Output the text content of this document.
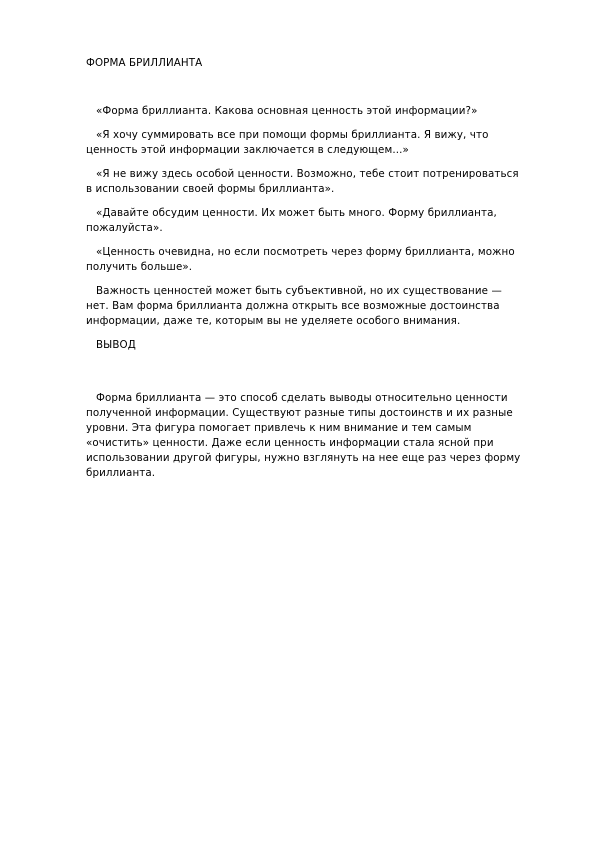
ФОРМА БРИЛЛИАНТА

«Форма бриллианта. Какова основная ценность этой информации?»

«Я хочу суммировать все при помощи формы бриллианта. Я вижу, что ценность этой информации заключается в следующем...»

«Я не вижу здесь особой ценности. Возможно, тебе стоит потренироваться в использовании своей формы бриллианта».

«Давайте обсудим ценности. Их может быть много. Форму бриллианта, пожалуйста».

«Ценность очевидна, но если посмотреть через форму бриллианта, можно получить больше».

Важность ценностей может быть субъективной, но их существование — нет. Вам форма бриллианта должна открыть все возможные достоинства информации, даже те, которым вы не уделяете особого внимания.

ВЫВОД

Форма бриллианта — это способ сделать выводы относительно ценности полученной информации. Существуют разные типы достоинств и их разные уровни. Эта фигура помогает привлечь к ним внимание и тем самым «очистить» ценности. Даже если ценность информации стала ясной при использовании другой фигуры, нужно взглянуть на нее еще раз через форму бриллианта.
